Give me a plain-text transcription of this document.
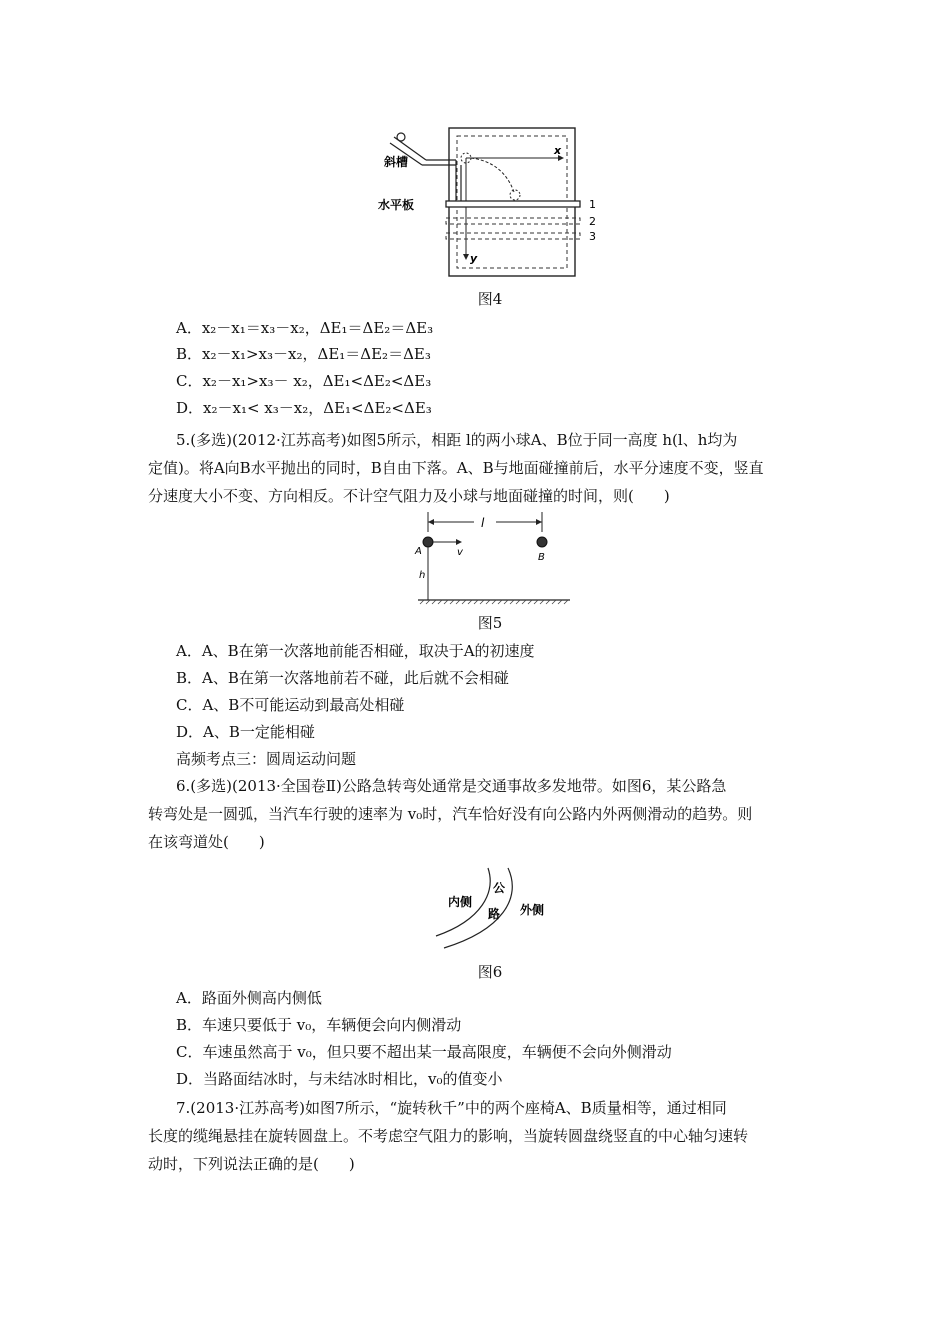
斜槽
水平板
x
y
1
2
3
图4
A．x₂－x₁＝x₃－x₂，ΔE₁＝ΔE₂＝ΔE₃
B．x₂－x₁>x₃－x₂，ΔE₁＝ΔE₂＝ΔE₃
C．x₂－x₁>x₃－ x₂，ΔE₁<ΔE₂<ΔE₃
D．x₂－x₁< x₃－x₂，ΔE₁<ΔE₂<ΔE₃
5.(多选)(2012·江苏高考)如图5所示，相距 l的两小球A、B位于同一高度 h(l、h均为
定值)。将A向B水平抛出的同时，B自由下落。A、B与地面碰撞前后，水平分速度不变，竖直
分速度大小不变、方向相反。不计空气阻力及小球与地面碰撞的时间，则(　　)
l
v
A
B
h
图5
A．A、B在第一次落地前能否相碰，取决于A的初速度
B．A、B在第一次落地前若不碰，此后就不会相碰
C．A、B不可能运动到最高处相碰
D．A、B一定能相碰
高频考点三：圆周运动问题
6.(多选)(2013·全国卷Ⅱ)公路急转弯处通常是交通事故多发地带。如图6，某公路急
转弯处是一圆弧，当汽车行驶的速率为 v₀时，汽车恰好没有向公路内外两侧滑动的趋势。则
在该弯道处(　　)
内侧
公
路 外侧
图6
A．路面外侧高内侧低
B．车速只要低于 v₀，车辆便会向内侧滑动
C．车速虽然高于 v₀，但只要不超出某一最高限度，车辆便不会向外侧滑动
D．当路面结冰时，与未结冰时相比，v₀的值变小
7.(2013·江苏高考)如图7所示，“旋转秋千”中的两个座椅A、B质量相等，通过相同
长度的缆绳悬挂在旋转圆盘上。不考虑空气阻力的影响，当旋转圆盘绕竖直的中心轴匀速转
动时，下列说法正确的是(　　)
